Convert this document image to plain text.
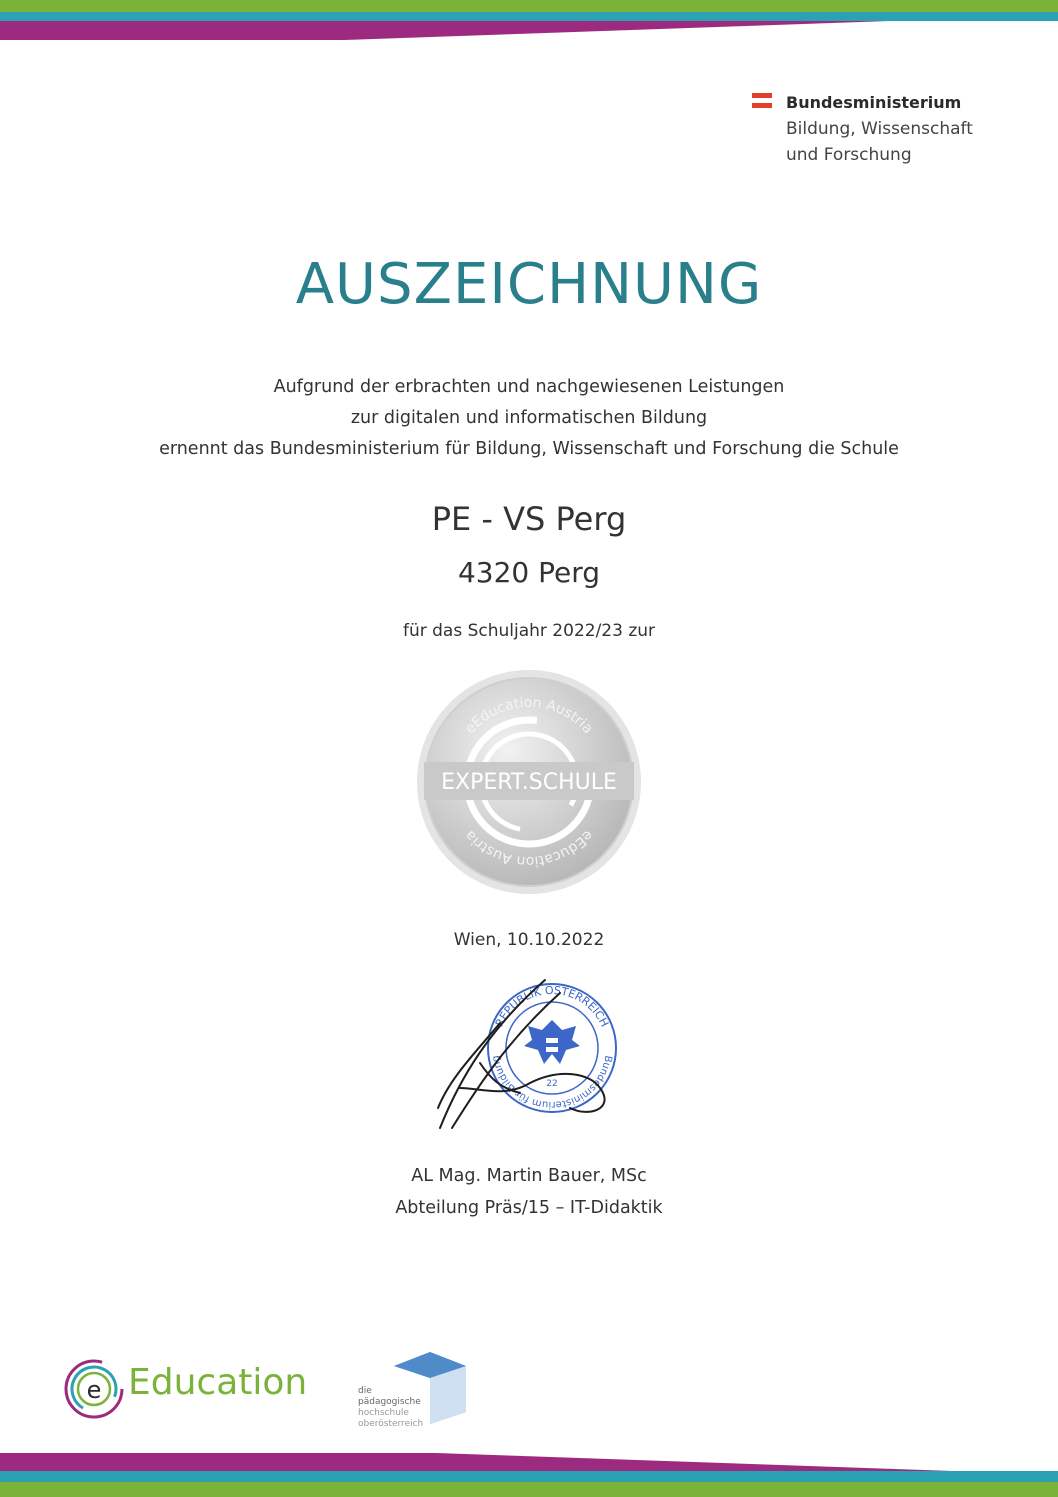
Bundesministerium
Bildung, Wissenschaft
und Forschung
AUSZEICHNUNG
Aufgrund der erbrachten und nachgewiesenen Leistungen
zur digitalen und informatischen Bildung
ernennt das Bundesministerium für Bildung, Wissenschaft und Forschung die Schule
PE - VS Perg
4320 Perg
für das Schuljahr 2022/23 zur
EXPERT.SCHULE
eEducation Austria
eEducation Austria
Wien, 10.10.2022
REPUBLIK ÖSTERREICH
Bundesministerium für Bildung
22
AL Mag. Martin Bauer, MSc
Abteilung Präs/15 – IT-Didaktik
e Education	die pädagogische
hochschule
oberösterreich
